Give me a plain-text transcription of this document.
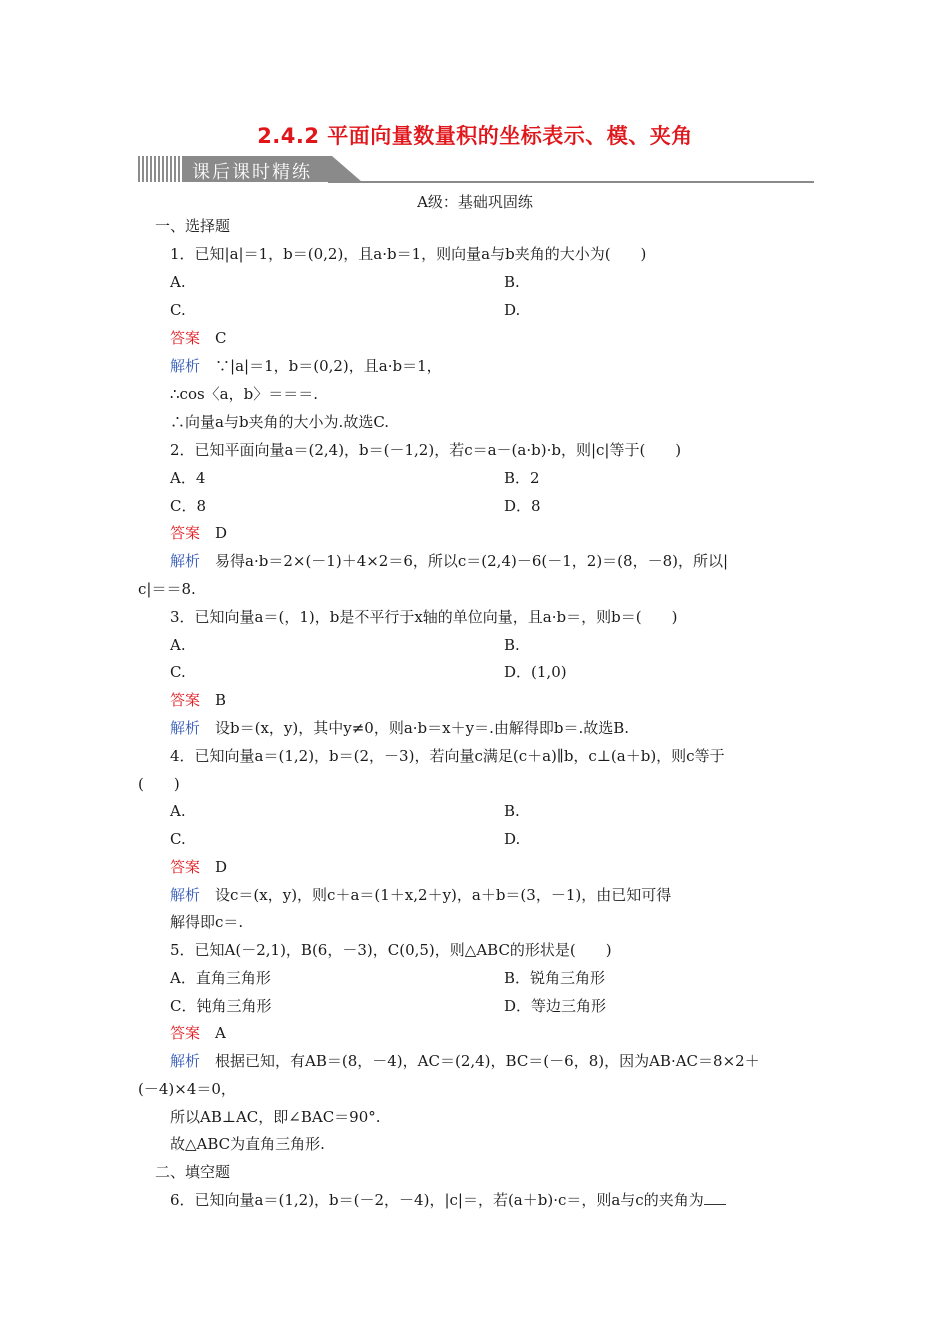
2.4.2 平面向量数量积的坐标表示、模、夹角
课后课时精练
A级：基础巩固练
一、选择题
1．已知|a|＝1，b＝(0,2)，且a·b＝1，则向量a与b夹角的大小为(　　)
A.	B.
C.	D.
答案　C
解析　∵|a|＝1，b＝(0,2)，且a·b＝1，
∴cos〈a，b〉＝＝＝.
∴向量a与b夹角的大小为.故选C.
2．已知平面向量a＝(2,4)，b＝(－1,2)，若c＝a－(a·b)·b，则|c|等于(　　)
A．4	B．2
C．8	D．8
答案　D
解析　易得a·b＝2×(－1)＋4×2＝6，所以c＝(2,4)－6(－1，2)＝(8，－8)，所以|
c|＝＝8.
3．已知向量a＝(，1)，b是不平行于x轴的单位向量，且a·b＝，则b＝(　　)
A.	B.
C.	D．(1,0)
答案　B
解析　设b＝(x，y)，其中y≠0，则a·b＝x＋y＝.由解得即b＝.故选B.
4．已知向量a＝(1,2)，b＝(2，－3)，若向量c满足(c＋a)∥b，c⊥(a＋b)，则c等于
(　　)
A.	B.
C.	D.
答案　D
解析　设c＝(x，y)，则c＋a＝(1＋x,2＋y)，a＋b＝(3，－1)，由已知可得
解得即c＝.
5．已知A(－2,1)，B(6，－3)，C(0,5)，则△ABC的形状是(　　)
A．直角三角形	B．锐角三角形
C．钝角三角形	D．等边三角形
答案　A
解析　根据已知，有AB＝(8，－4)，AC＝(2,4)，BC＝(－6，8)，因为AB·AC＝8×2＋
(－4)×4＝0，
所以AB⊥AC，即∠BAC＝90°.
故△ABC为直角三角形.
二、填空题
6．已知向量a＝(1,2)，b＝(－2，－4)，|c|＝，若(a＋b)·c＝，则a与c的夹角为
